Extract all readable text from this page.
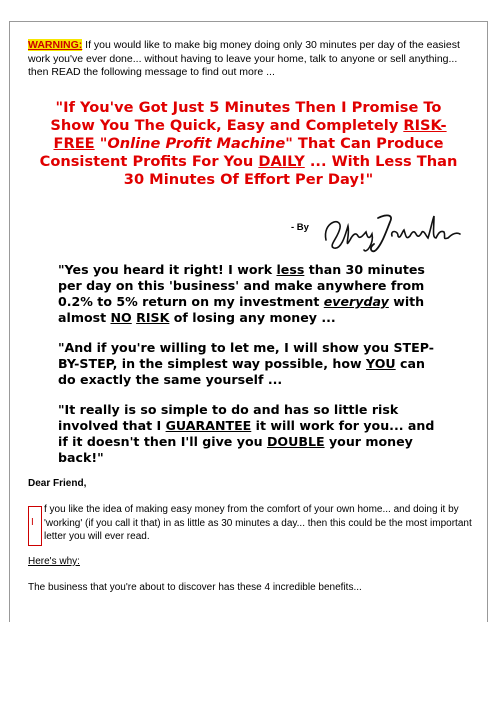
WARNING: If you would like to make big money doing only 30 minutes per day of the easiest work you've ever done... without having to leave your home, talk to anyone or sell anything... then READ the following message to find out more ...
"If You've Got Just 5 Minutes Then I Promise To Show You The Quick, Easy and Completely RISK-FREE "Online Profit Machine" That Can Produce Consistent Profits For You DAILY ... With Less Than 30 Minutes Of Effort Per Day!"
- By

"Yes you heard it right! I work less than 30 minutes per day on this 'business' and make anywhere from 0.2% to 5% return on my investment everyday with almost NO RISK of losing any money ...

"And if you're willing to let me, I will show you STEP-BY-STEP, in the simplest way possible, how YOU can do exactly the same yourself ...

"It really is so simple to do and has so little risk involved that I GUARANTEE it will work for you... and if it doesn't then I'll give you DOUBLE your money back!"

Dear Friend,
I
f you like the idea of making easy money from the comfort of your own home... and doing it by 'working' (if you call it that) in as little as 30 minutes a day... then this could be the most important letter you will ever read.
Here's why:
The business that you're about to discover has these 4 incredible benefits...
